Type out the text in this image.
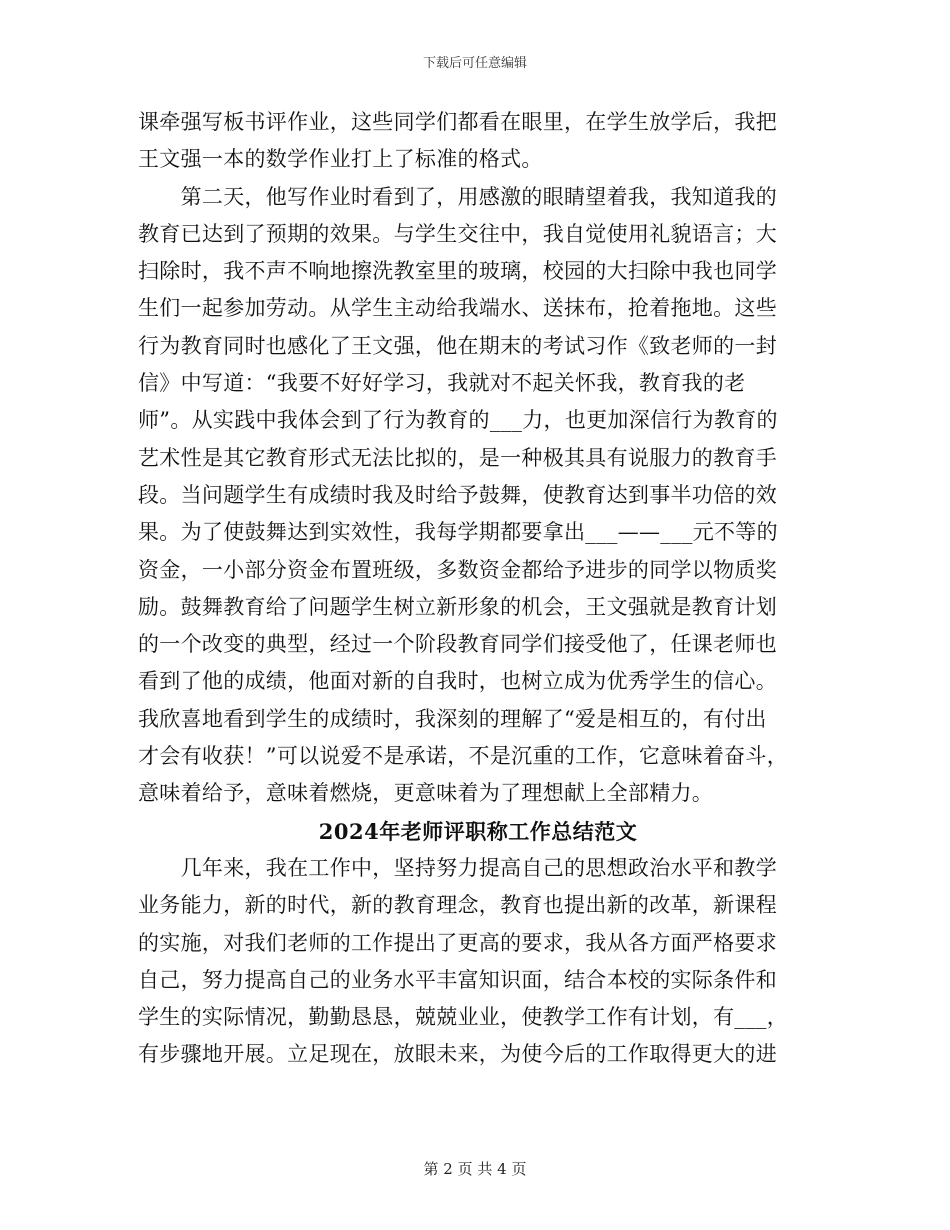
下载后可任意编辑
课牵强写板书评作业，这些同学们都看在眼里，在学生放学后，我把
王文强一本的数学作业打上了标准的格式。
　　第二天，他写作业时看到了，用感激的眼睛望着我，我知道我的
教育已达到了预期的效果。与学生交往中，我自觉使用礼貌语言；大
扫除时，我不声不响地擦洗教室里的玻璃，校园的大扫除中我也同学
生们一起参加劳动。从学生主动给我端水、送抹布，抢着拖地。这些
行为教育同时也感化了王文强，他在期末的考试习作《致老师的一封
信》中写道：“我要不好好学习，我就对不起关怀我，教育我的老
师”。从实践中我体会到了行为教育的___力，也更加深信行为教育的
艺术性是其它教育形式无法比拟的，是一种极其具有说服力的教育手
段。当问题学生有成绩时我及时给予鼓舞，使教育达到事半功倍的效
果。为了使鼓舞达到实效性，我每学期都要拿出___——___元不等的
资金，一小部分资金布置班级，多数资金都给予进步的同学以物质奖
励。鼓舞教育给了问题学生树立新形象的机会，王文强就是教育计划
的一个改变的典型，经过一个阶段教育同学们接受他了，任课老师也
看到了他的成绩，他面对新的自我时，也树立成为优秀学生的信心。
我欣喜地看到学生的成绩时，我深刻的理解了“爱是相互的，有付出
才会有收获！”可以说爱不是承诺，不是沉重的工作，它意味着奋斗，
意味着给予，意味着燃烧，更意味着为了理想献上全部精力。
2024年老师评职称工作总结范文
　　几年来，我在工作中，坚持努力提高自己的思想政治水平和教学
业务能力，新的时代，新的教育理念，教育也提出新的改革，新课程
的实施，对我们老师的工作提出了更高的要求，我从各方面严格要求
自己，努力提高自己的业务水平丰富知识面，结合本校的实际条件和
学生的实际情况，勤勤恳恳，兢兢业业，使教学工作有计划，有___，
有步骤地开展。立足现在，放眼未来，为使今后的工作取得更大的进
第 2 页 共 4 页
